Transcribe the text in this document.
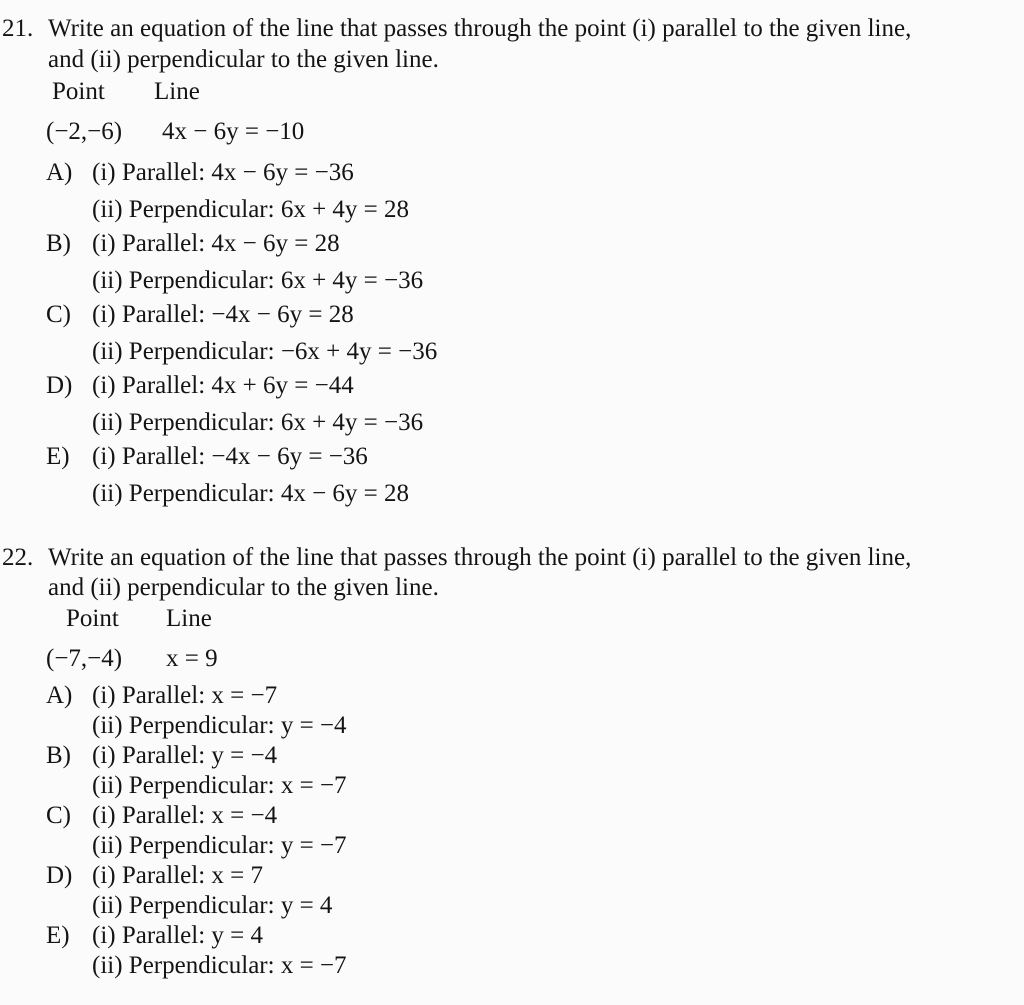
21. Write an equation of the line that passes through the point (i) parallel to the given line,
and (ii) perpendicular to the given line.
Point Line
(−2,−6) 4x − 6y = −10
A) (i) Parallel: 4x − 6y = −36
(ii) Perpendicular: 6x + 4y = 28
B) (i) Parallel: 4x − 6y = 28
(ii) Perpendicular: 6x + 4y = −36
C) (i) Parallel: −4x − 6y = 28
(ii) Perpendicular: −6x + 4y = −36
D) (i) Parallel: 4x + 6y = −44
(ii) Perpendicular: 6x + 4y = −36
E) (i) Parallel: −4x − 6y = −36
(ii) Perpendicular: 4x − 6y = 28
22. Write an equation of the line that passes through the point (i) parallel to the given line,
and (ii) perpendicular to the given line.
Point Line
(−7,−4) x = 9
A) (i) Parallel: x = −7
(ii) Perpendicular: y = −4
B) (i) Parallel: y = −4
(ii) Perpendicular: x = −7
C) (i) Parallel: x = −4
(ii) Perpendicular: y = −7
D) (i) Parallel: x = 7
(ii) Perpendicular: y = 4
E) (i) Parallel: y = 4
(ii) Perpendicular: x = −7
